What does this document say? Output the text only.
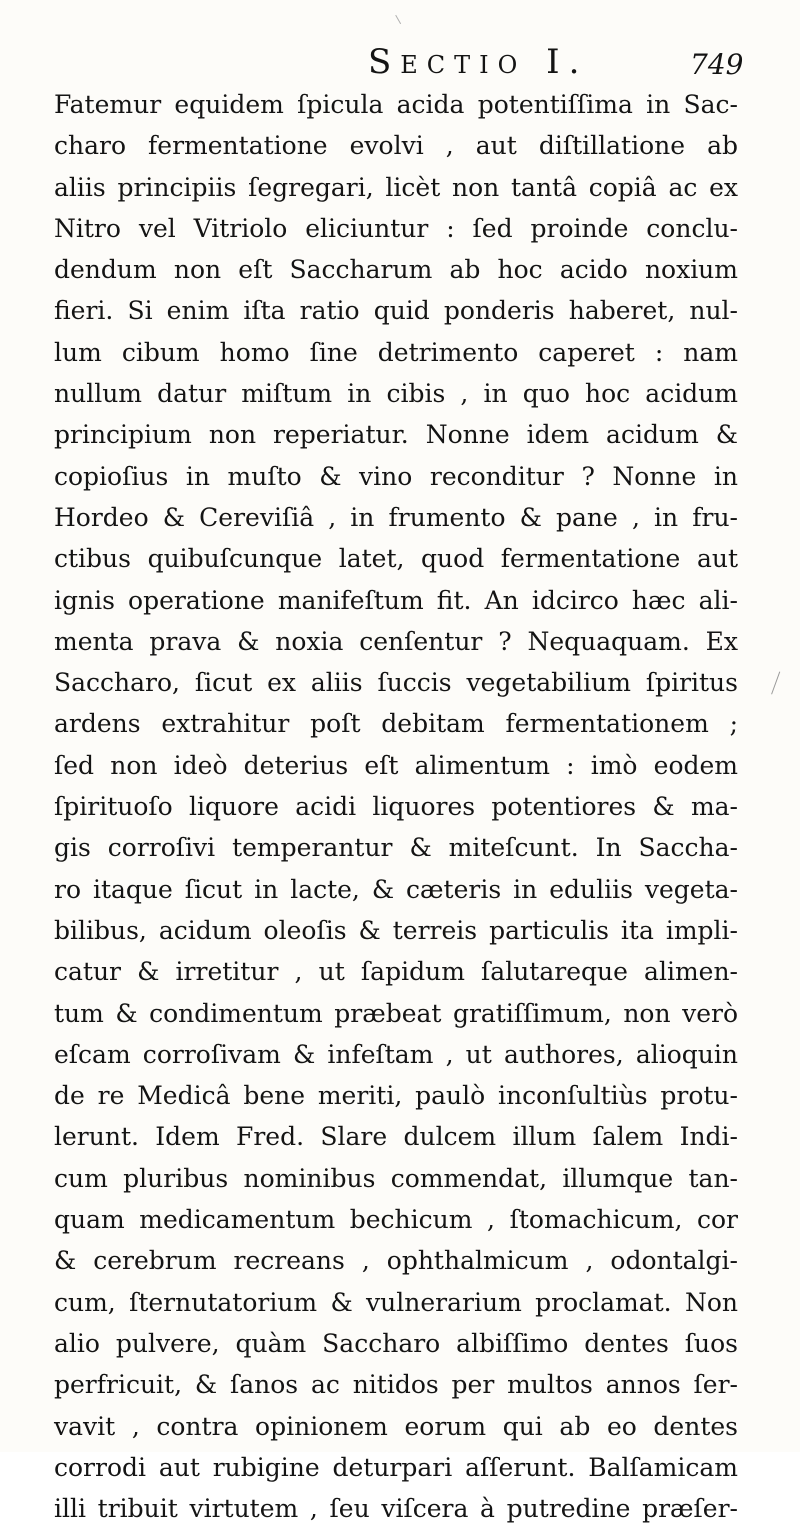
Sectio I.	749
Fatemur equidem ſpicula acida potentiſſima in Sac-
charo fermentatione evolvi , aut diſtillatione ab
aliis principiis ſegregari, licèt non tantâ copiâ ac ex
Nitro vel Vitriolo eliciuntur : ſed proinde conclu-
dendum non eſt Saccharum ab hoc acido noxium
fieri. Si enim iſta ratio quid ponderis haberet, nul-
lum cibum homo ſine detrimento caperet : nam
nullum datur miſtum in cibis , in quo hoc acidum
principium non reperiatur. Nonne idem acidum &
copioſius in muſto & vino reconditur ? Nonne in
Hordeo & Cereviſiâ , in frumento & pane , in fru-
ctibus quibuſcunque latet, quod fermentatione aut
ignis operatione manifeſtum fit. An idcirco hæc ali-
menta prava & noxia cenſentur ? Nequaquam. Ex
Saccharo, ſicut ex aliis ſuccis vegetabilium ſpiritus
ardens extrahitur poſt debitam fermentationem ;
ſed non ideò deterius eſt alimentum : imò eodem
ſpirituoſo liquore acidi liquores potentiores & ma-
gis corroſivi temperantur & miteſcunt. In Saccha-
ro itaque ſicut in lacte, & cæteris in eduliis vegeta-
bilibus, acidum oleoſis & terreis particulis ita impli-
catur & irretitur , ut ſapidum ſalutareque alimen-
tum & condimentum præbeat gratiſſimum, non verò
eſcam corroſivam & infeſtam , ut authores, alioquin
de re Medicâ bene meriti, paulò inconſultiùs protu-
lerunt. Idem Fred. Slare dulcem illum ſalem Indi-
cum pluribus nominibus commendat, illumque tan-
quam medicamentum bechicum , ſtomachicum, cor
& cerebrum recreans , ophthalmicum , odontalgi-
cum, ſternutatorium & vulnerarium proclamat. Non
alio pulvere, quàm Saccharo albiſſimo dentes ſuos
perfricuit, & ſanos ac nitidos per multos annos ſer-
vavit , contra opinionem eorum qui ab eo dentes
corrodi aut rubigine deturpari aſſerunt. Balſamicam
illi tribuit virtutem , ſeu viſcera à putredine præſer-
